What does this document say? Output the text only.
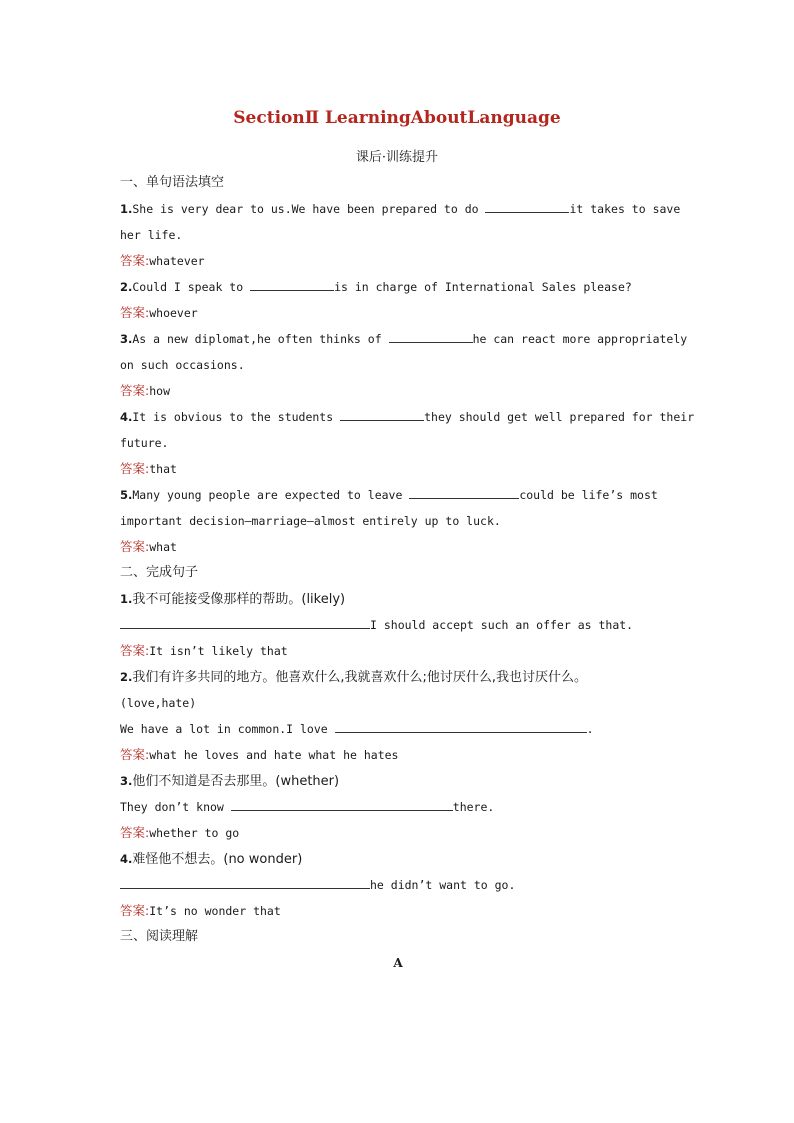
SectionⅡ LearningAboutLanguage
课后·训练提升
一、单句语法填空
1.She is very dear to us.We have been prepared to do	it takes to save
her life.
答案:whatever
2.Could I speak to	is in charge of International Sales please?
答案:whoever
3.As a new diplomat,he often thinks of	he can react more appropriately
on such occasions.
答案:how
4.It is obvious to the students	they should get well prepared for their
future.
答案:that
5.Many young people are expected to leave	could be life’s most
important decision—marriage—almost entirely up to luck.
答案:what
二、完成句子
1.我不可能接受像那样的帮助。(likely)
I should accept such an offer as that.
答案:It isn’t likely that
2.我们有许多共同的地方。他喜欢什么,我就喜欢什么;他讨厌什么,我也讨厌什么。
(love,hate)
We have a lot in common.I love	.
答案:what he loves and hate what he hates
3.他们不知道是否去那里。(whether)
They don’t know	there.
答案:whether to go
4.难怪他不想去。(no wonder)
he didn’t want to go.
答案:It’s no wonder that
三、阅读理解
A
